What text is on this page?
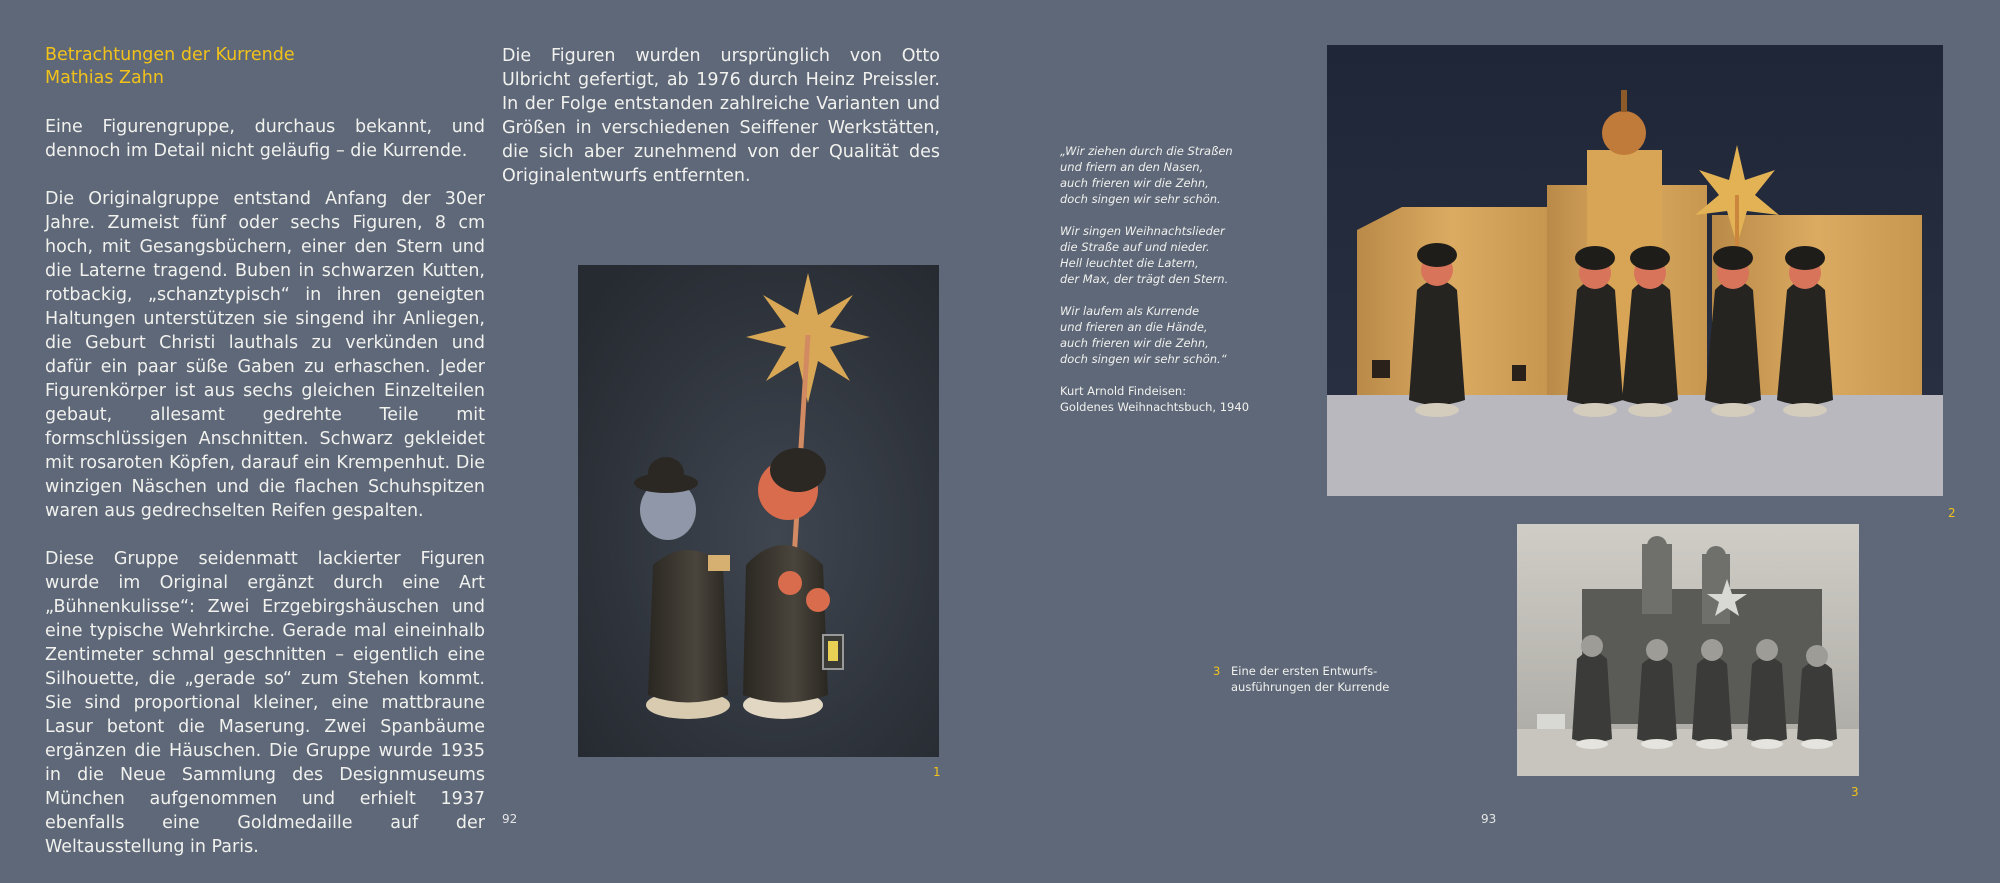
Betrachtungen der Kurrende
Mathias Zahn

Eine Figurengruppe, durchaus bekannt, und dennoch im Detail nicht geläufig – die Kurrende.

Die Originalgruppe entstand Anfang der 30er Jahre. Zumeist fünf oder sechs Figuren, 8 cm hoch, mit Gesangsbüchern, einer den Stern und die Laterne tragend. Buben in schwarzen Kutten, rotbackig, „schanztypisch“ in ihren geneigten Haltungen unterstützen sie singend ihr Anliegen, die Geburt Christi lauthals zu verkünden und dafür ein paar süße Gaben zu erhaschen. Jeder Figurenkörper ist aus sechs gleichen Einzelteilen gebaut, allesamt gedrehte Teile mit formschlüssigen Anschnitten. Schwarz gekleidet mit rosaroten Köpfen, darauf ein Krempenhut. Die winzigen Näschen und die flachen Schuhspitzen waren aus gedrechselten Reifen gespalten.

Diese Gruppe seidenmatt lackierter Figuren wurde im Original ergänzt durch eine Art „Bühnenkulisse“: Zwei Erzgebirgshäuschen und eine typische Wehrkirche. Gerade mal eineinhalb Zentimeter schmal geschnitten – eigentlich eine Silhouette, die „gerade so“ zum Stehen kommt. Sie sind proportional kleiner, eine mattbraune Lasur betont die Maserung. Zwei Spanbäume ergänzen die Häuschen. Die Gruppe wurde 1935 in die Neue Sammlung des Designmuseums München aufgenommen und erhielt 1937 ebenfalls eine Goldmedaille auf der Weltausstellung in Paris.

Die Figuren wurden ursprünglich von Otto Ulbricht gefertigt, ab 1976 durch Heinz Preissler. In der Folge entstanden zahlreiche Varianten und Größen in verschiedenen Seiffener Werkstätten, die sich aber zunehmend von der Qualität des Originalentwurfs entfernten.

1
92

„Wir ziehen durch die Straßen
und friern an den Nasen,
auch frieren wir die Zehn,
doch singen wir sehr schön.

Wir singen Weihnachtslieder
die Straße auf und nieder.
Hell leuchtet die Latern,
der Max, der trägt den Stern.

Wir laufem als Kurrende
und frieren an die Hände,
auch frieren wir die Zehn,
doch singen wir sehr schön.“

Kurt Arnold Findeisen:
Goldenes Weihnachtsbuch, 1940

2
3 Eine der ersten Entwurfs-
ausführungen der Kurrende
3
93
